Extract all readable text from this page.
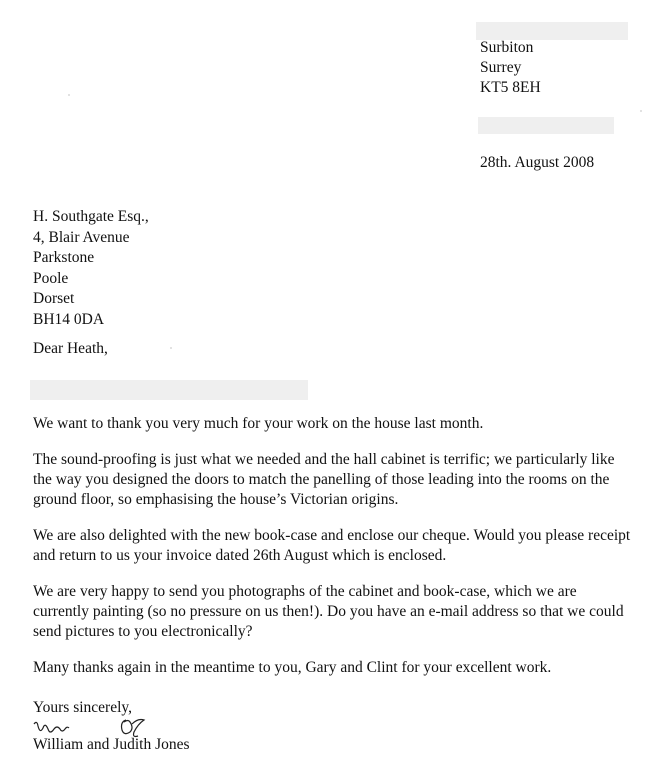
Surbiton
Surrey
KT5 8EH
28th. August 2008
H. Southgate Esq.,
4, Blair Avenue
Parkstone
Poole
Dorset
BH14 0DA
Dear Heath,

We want to thank you very much for your work on the house last month.

The sound-proofing is just what we needed and the hall cabinet is terrific; we particularly like the way you designed the doors to match the panelling of those leading into the rooms on the ground floor, so emphasising the house’s Victorian origins.

We are also delighted with the new book-case and enclose our cheque. Would you please receipt and return to us your invoice dated 26th August which is enclosed.

We are very happy to send you photographs of the cabinet and book-case, which we are currently painting (so no pressure on us then!). Do you have an e-mail address so that we could send pictures to you electronically?

Many thanks again in the meantime to you, Gary and Clint for your excellent work.

Yours sincerely,
William and Judith Jones
